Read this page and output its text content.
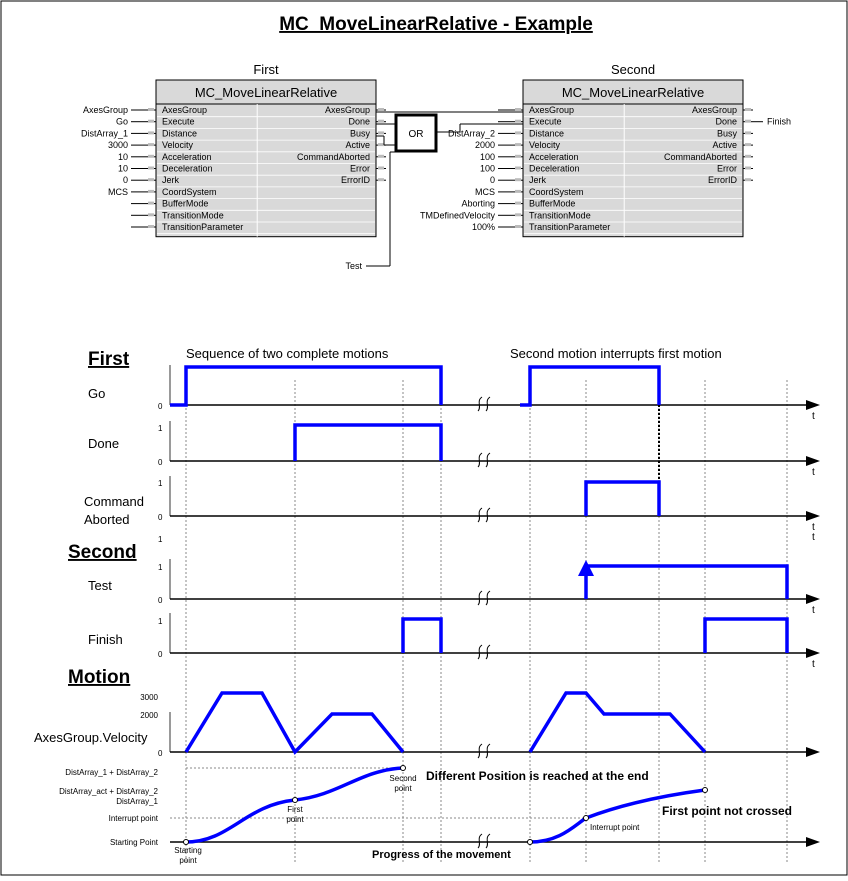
MC_MoveLinearRelative - Example
First
MC_MoveLinearRelative
AxesGroup
AxesGroup
Execute
Go
Distance
DistArray_1
Velocity
3000
Acceleration
10
Deceleration
10
Jerk
0
CoordSystem
MCS
BufferMode
TransitionMode
TransitionParameter
AxesGroup
Done
Busy
Active
CommandAborted
Error
ErrorID
Second
MC_MoveLinearRelative
AxesGroup
Execute
Distance
DistArray_2
Velocity
2000
Acceleration
100
Deceleration
100
Jerk
0
CoordSystem
MCS
BufferMode
Aborting
TransitionMode
TMDefinedVelocity
TransitionParameter
100%
AxesGroup
Done
Busy
Active
CommandAborted
Error
ErrorID
Finish
OR
Test
First
Second
Motion
Sequence of two complete motions	Second motion interrupts first motion
Go
0
t
Done
0
1
t
Command
Aborted	0
1
t
t
1
Test
0
1
t
Finish
0
1
t
3000
2000
0
AxesGroup.Velocity
DistArray_1 + DistArray_2
DistArray_act + DistArray_2
DistArray_1
Interrupt point
Starting Point
Starting
point
First
point
Second
point
Interrupt point
Different Position is reached at the end
First point not crossed
Progress of the movement
